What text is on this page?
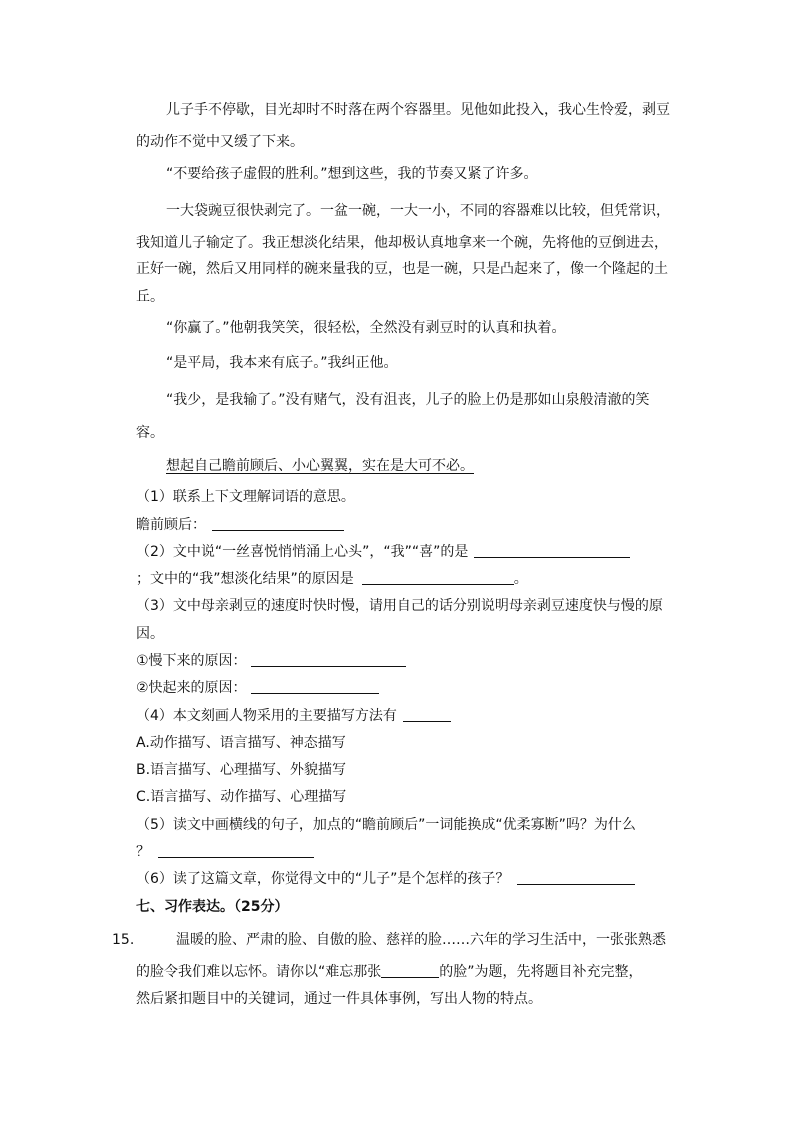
儿子手不停歇，目光却时不时落在两个容器里。见他如此投入，我心生怜爱，剥豆
的动作不觉中又缓了下来。
“不要给孩子虚假的胜利。”想到这些，我的节奏又紧了许多。
一大袋豌豆很快剥完了。一盆一碗，一大一小，不同的容器难以比较，但凭常识，
我知道儿子输定了。我正想淡化结果，他却极认真地拿来一个碗，先将他的豆倒进去，
正好一碗，然后又用同样的碗来量我的豆，也是一碗，只是凸起来了，像一个隆起的土
丘。
“你赢了。”他朝我笑笑，很轻松，全然没有剥豆时的认真和执着。
“是平局，我本来有底子。”我纠正他。
“我少，是我输了。”没有赌气，没有沮丧，儿子的脸上仍是那如山泉般清澈的笑
容。
想起自己瞻前顾后、小心翼翼，实在是大可不必。
（1）联系上下文理解词语的意思。
瞻前顾后：
（2）文中说“一丝喜悦悄悄涌上心头”，“我”“喜”的是
；文中的“我”想淡化结果”的原因是	。
（3）文中母亲剥豆的速度时快时慢，请用自己的话分别说明母亲剥豆速度快与慢的原
因。
①慢下来的原因：
②快起来的原因：
（4）本文刻画人物采用的主要描写方法有
A.动作描写、语言描写、神态描写
B.语言描写、心理描写、外貌描写
C.语言描写、动作描写、心理描写
（5）读文中画横线的句子，加点的“瞻前顾后”一词能换成“优柔寡断”吗？为什么
？
（6）读了这篇文章，你觉得文中的“儿子”是个怎样的孩子？
七、习作表达。（25分）
15.	温暖的脸、严肃的脸、自傲的脸、慈祥的脸……六年的学习生活中，一张张熟悉
的脸令我们难以忘怀。请你以“难忘那张	的脸”为题，先将题目补充完整，
然后紧扣题目中的关键词，通过一件具体事例，写出人物的特点。
